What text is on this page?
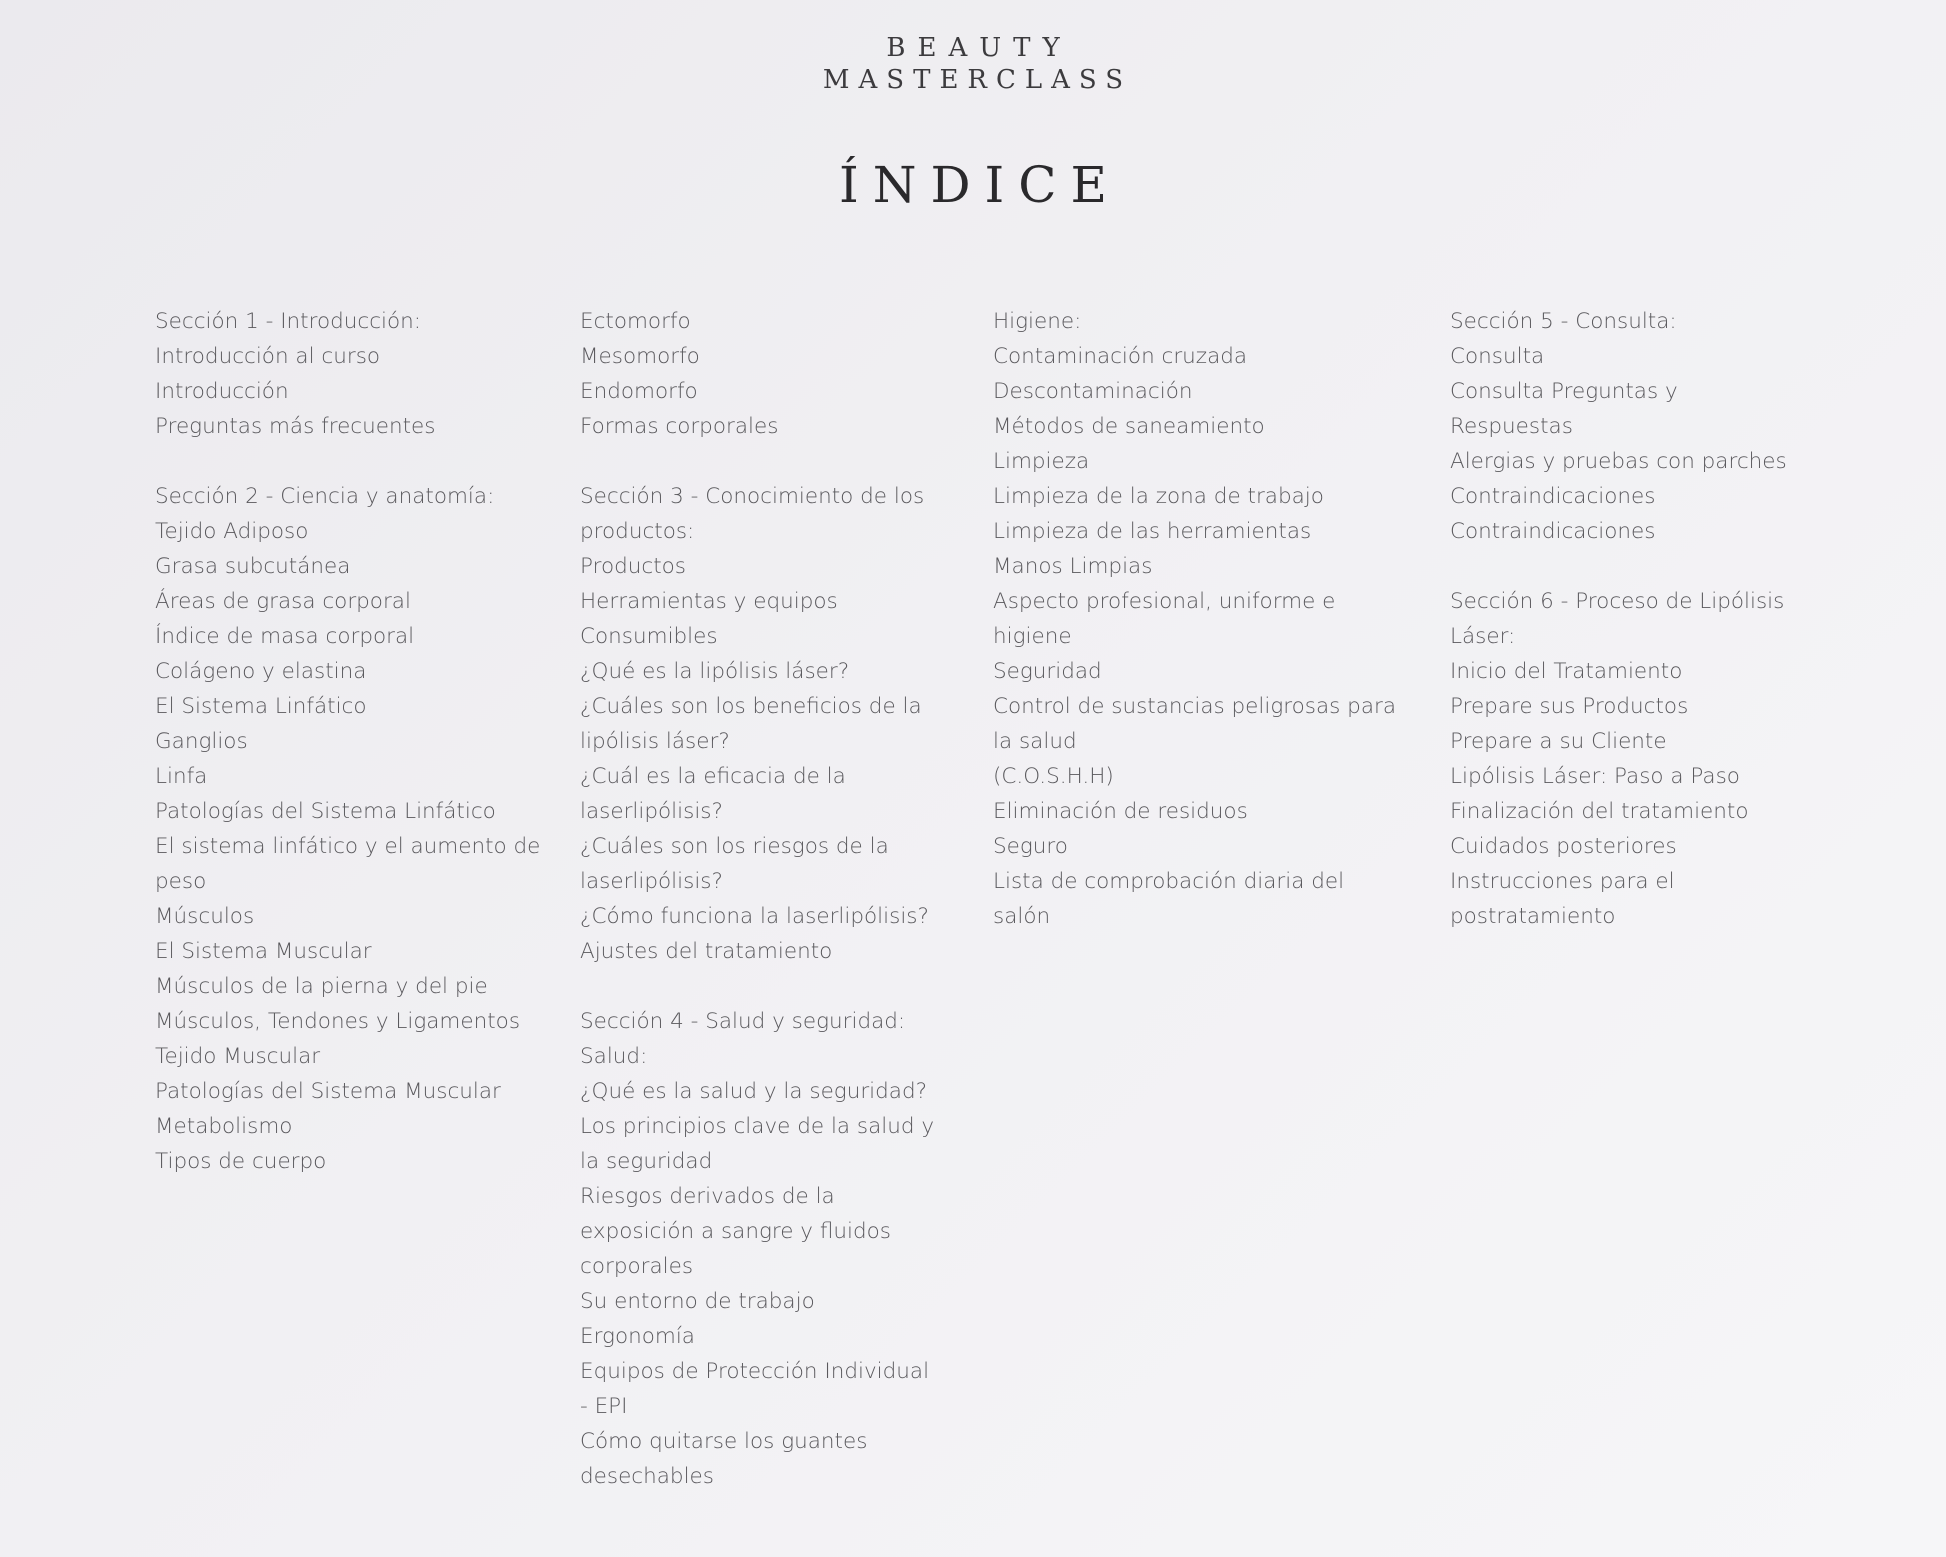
BEAUTY
MASTERCLASS
ÍNDICE
Sección 1 - Introducción:
Introducción al curso
Introducción
Preguntas más frecuentes
Sección 2 - Ciencia y anatomía:
Tejido Adiposo
Grasa subcutánea
Áreas de grasa corporal
Índice de masa corporal
Colágeno y elastina
El Sistema Linfático
Ganglios
Linfa
Patologías del Sistema Linfático
El sistema linfático y el aumento de
peso
Músculos
El Sistema Muscular
Músculos de la pierna y del pie
Músculos, Tendones y Ligamentos
Tejido Muscular
Patologías del Sistema Muscular
Metabolismo
Tipos de cuerpo
Ectomorfo
Mesomorfo
Endomorfo
Formas corporales
Sección 3 - Conocimiento de los
productos:
Productos
Herramientas y equipos
Consumibles
¿Qué es la lipólisis láser?
¿Cuáles son los beneficios de la
lipólisis láser?
¿Cuál es la eficacia de la
laserlipólisis?
¿Cuáles son los riesgos de la
laserlipólisis?
¿Cómo funciona la laserlipólisis?
Ajustes del tratamiento
Sección 4 - Salud y seguridad:
Salud:
¿Qué es la salud y la seguridad?
Los principios clave de la salud y
la seguridad
Riesgos derivados de la
exposición a sangre y fluidos
corporales
Su entorno de trabajo
Ergonomía
Equipos de Protección Individual
- EPI
Cómo quitarse los guantes
desechables
Higiene:
Contaminación cruzada
Descontaminación
Métodos de saneamiento
Limpieza
Limpieza de la zona de trabajo
Limpieza de las herramientas
Manos Limpias
Aspecto profesional, uniforme e
higiene
Seguridad
Control de sustancias peligrosas para
la salud
(C.O.S.H.H)
Eliminación de residuos
Seguro
Lista de comprobación diaria del
salón
Sección 5 - Consulta:
Consulta
Consulta Preguntas y
Respuestas
Alergias y pruebas con parches
Contraindicaciones
Contraindicaciones
Sección 6 - Proceso de Lipólisis
Láser:
Inicio del Tratamiento
Prepare sus Productos
Prepare a su Cliente
Lipólisis Láser: Paso a Paso
Finalización del tratamiento
Cuidados posteriores
Instrucciones para el
postratamiento
